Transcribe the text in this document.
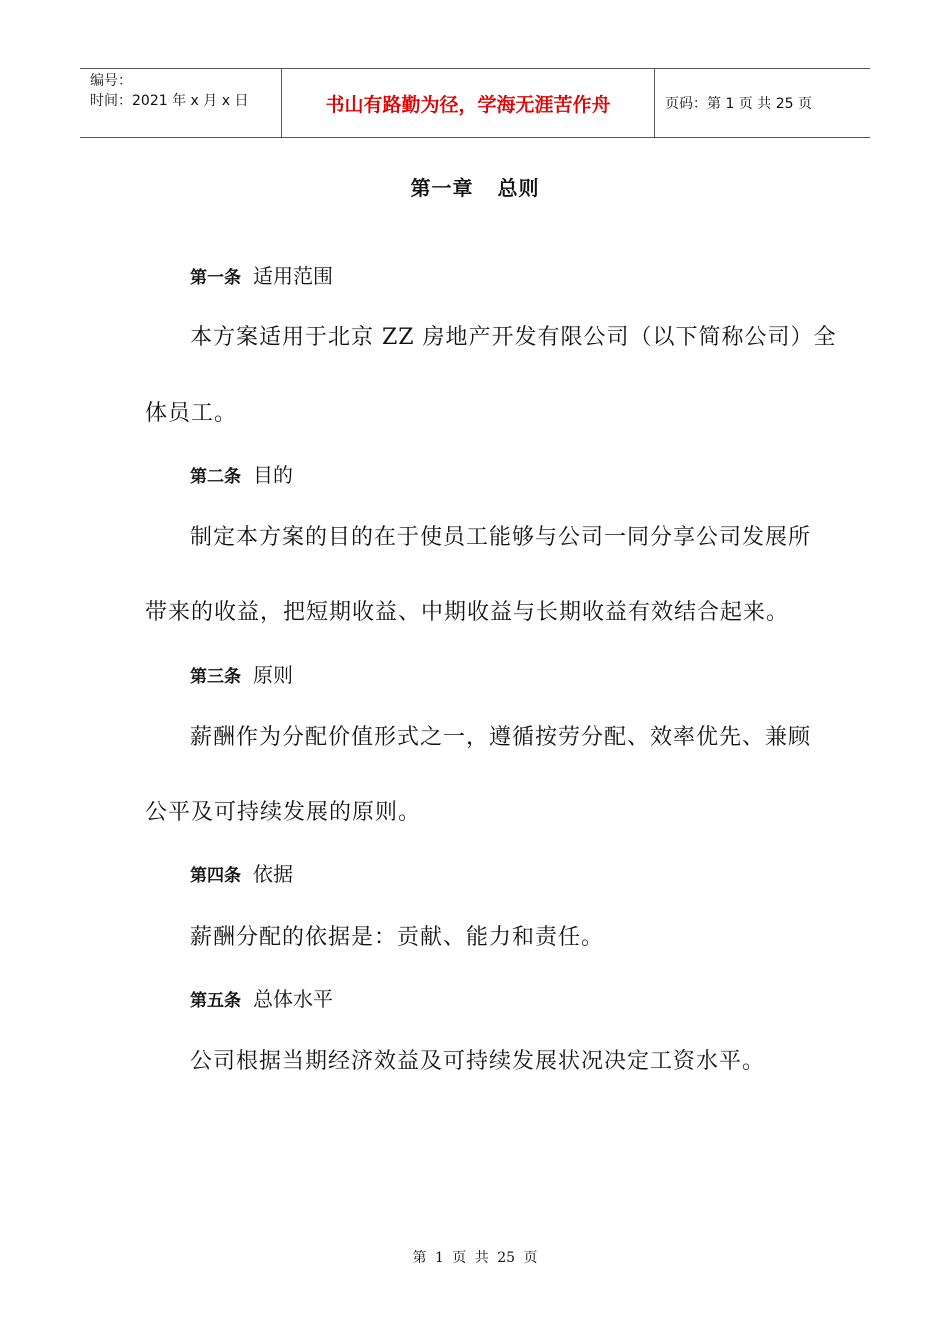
编号：
时间：2021 年 x 月 x 日	书山有路勤为径，学海无涯苦作舟	页码：第 1 页 共 25 页
第一章 总则
第一条 适用范围
本方案适用于北京 ZZ 房地产开发有限公司（以下简称公司）全
体员工。
第二条 目的
制定本方案的目的在于使员工能够与公司一同分享公司发展所
带来的收益，把短期收益、中期收益与长期收益有效结合起来。
第三条 原则
薪酬作为分配价值形式之一，遵循按劳分配、效率优先、兼顾
公平及可持续发展的原则。
第四条 依据
薪酬分配的依据是：贡献、能力和责任。
第五条 总体水平
公司根据当期经济效益及可持续发展状况决定工资水平。
第 1 页 共 25 页
